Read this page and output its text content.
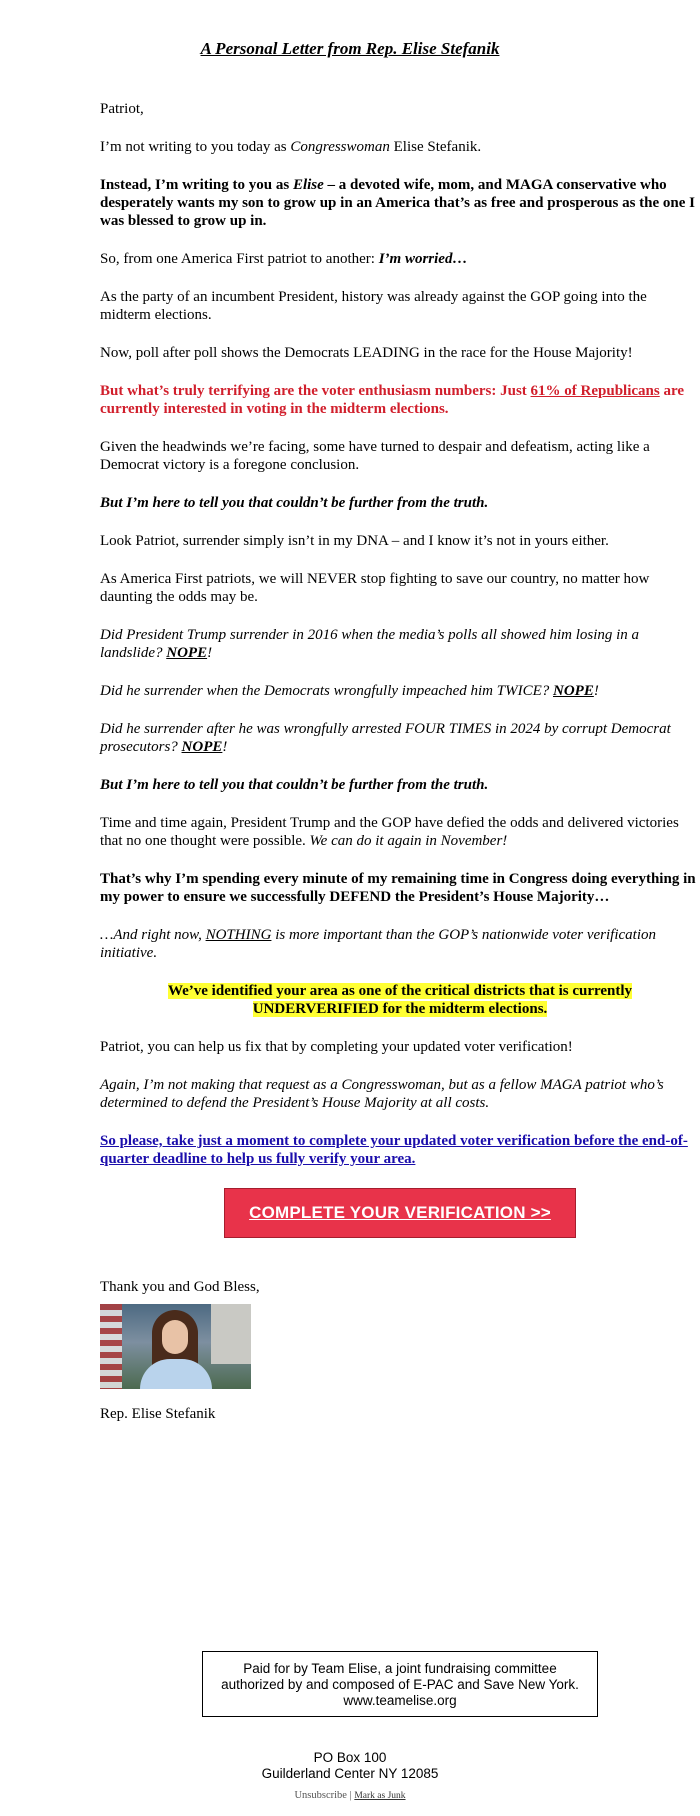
A Personal Letter from Rep. Elise Stefanik

Patriot,

I’m not writing to you today as Congresswoman Elise Stefanik.

Instead, I’m writing to you as Elise – a devoted wife, mom, and MAGA conservative who desperately wants my son to grow up in an America that’s as free and prosperous as the one I was blessed to grow up in.

So, from one America First patriot to another: I’m worried…

As the party of an incumbent President, history was already against the GOP going into the midterm elections.

Now, poll after poll shows the Democrats LEADING in the race for the House Majority!

But what’s truly terrifying are the voter enthusiasm numbers: Just 61% of Republicans are currently interested in voting in the midterm elections.

Given the headwinds we’re facing, some have turned to despair and defeatism, acting like a Democrat victory is a foregone conclusion.

But I’m here to tell you that couldn’t be further from the truth.

Look Patriot, surrender simply isn’t in my DNA – and I know it’s not in yours either.

As America First patriots, we will NEVER stop fighting to save our country, no matter how daunting the odds may be.

Did President Trump surrender in 2016 when the media’s polls all showed him losing in a landslide? NOPE!

Did he surrender when the Democrats wrongfully impeached him TWICE? NOPE!

Did he surrender after he was wrongfully arrested FOUR TIMES in 2024 by corrupt Democrat prosecutors? NOPE!

But I’m here to tell you that couldn’t be further from the truth.

Time and time again, President Trump and the GOP have defied the odds and delivered victories that no one thought were possible. We can do it again in November!

That’s why I’m spending every minute of my remaining time in Congress doing everything in my power to ensure we successfully DEFEND the President’s House Majority…

…And right now, NOTHING is more important than the GOP’s nationwide voter verification initiative.

We’ve identified your area as one of the critical districts that is currently
UNDERVERIFIED for the midterm elections.

Patriot, you can help us fix that by completing your updated voter verification!

Again, I’m not making that request as a Congresswoman, but as a fellow MAGA patriot who’s determined to defend the President’s House Majority at all costs.

So please, take just a moment to complete your updated voter verification before the end-of-quarter deadline to help us fully verify your area.

COMPLETE YOUR VERIFICATION >>

Thank you and God Bless,

Rep. Elise Stefanik

Paid for by Team Elise, a joint fundraising committee
authorized by and composed of E-PAC and Save New York.
www.teamelise.org
PO Box 100
Guilderland Center NY 12085
Unsubscribe | Mark as Junk
